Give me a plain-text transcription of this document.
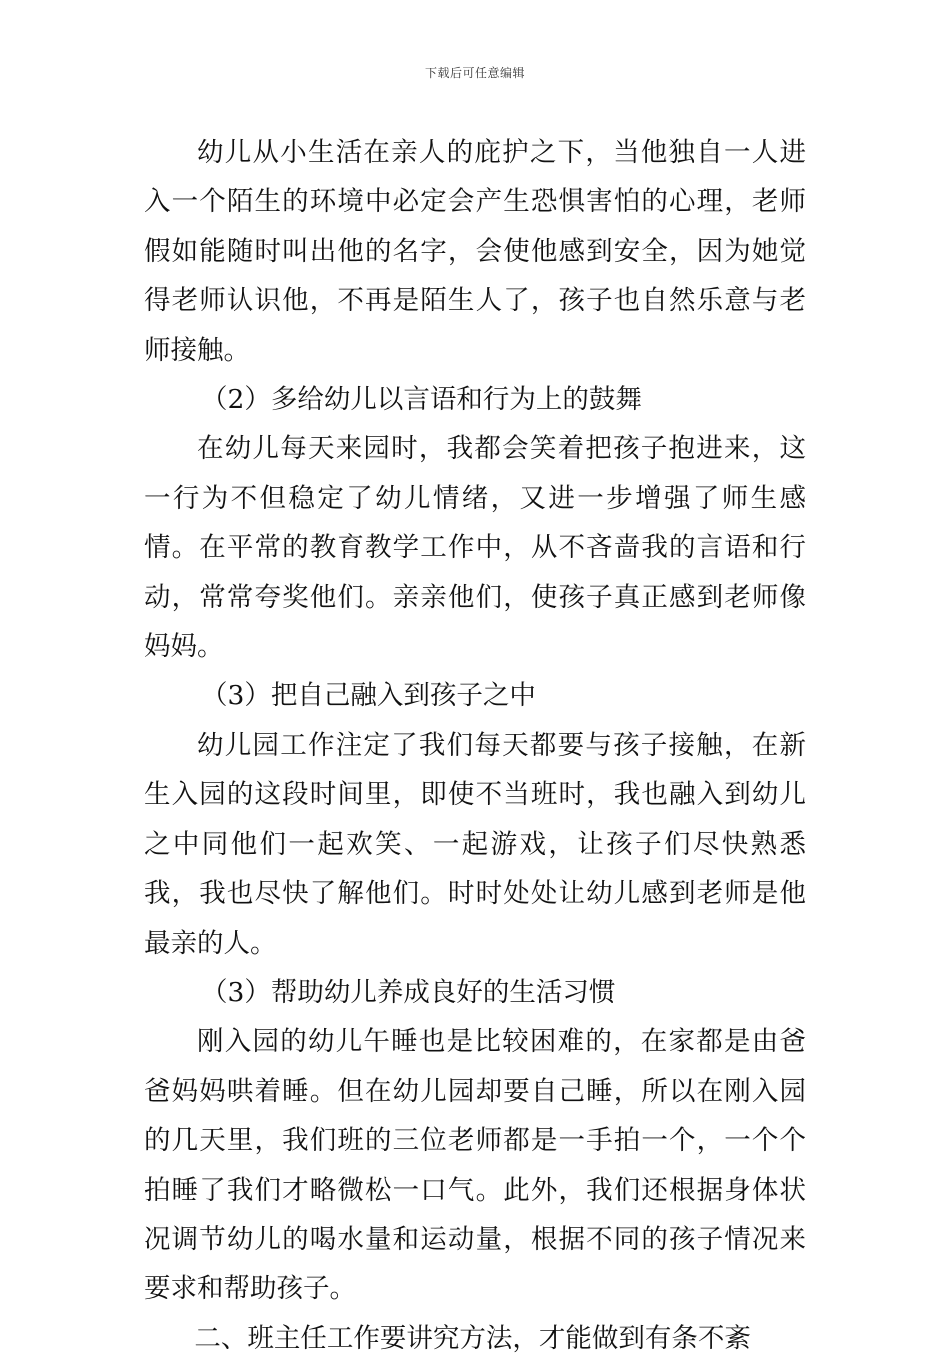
下载后可任意编辑

幼儿从小生活在亲人的庇护之下，当他独自一人进入一个陌生的环境中必定会产生恐惧害怕的心理，老师假如能随时叫出他的名字，会使他感到安全，因为她觉得老师认识他，不再是陌生人了，孩子也自然乐意与老师接触。

（2）多给幼儿以言语和行为上的鼓舞

在幼儿每天来园时，我都会笑着把孩子抱进来，这一行为不但稳定了幼儿情绪，又进一步增强了师生感情。在平常的教育教学工作中，从不吝啬我的言语和行动，常常夸奖他们。亲亲他们，使孩子真正感到老师像妈妈。

（3）把自己融入到孩子之中

幼儿园工作注定了我们每天都要与孩子接触，在新生入园的这段时间里，即使不当班时，我也融入到幼儿之中同他们一起欢笑、一起游戏，让孩子们尽快熟悉我，我也尽快了解他们。时时处处让幼儿感到老师是他最亲的人。

（3）帮助幼儿养成良好的生活习惯

刚入园的幼儿午睡也是比较困难的，在家都是由爸爸妈妈哄着睡。但在幼儿园却要自己睡，所以在刚入园的几天里，我们班的三位老师都是一手拍一个，一个个拍睡了我们才略微松一口气。此外，我们还根据身体状况调节幼儿的喝水量和运动量，根据不同的孩子情况来要求和帮助孩子。

二、班主任工作要讲究方法，才能做到有条不紊
